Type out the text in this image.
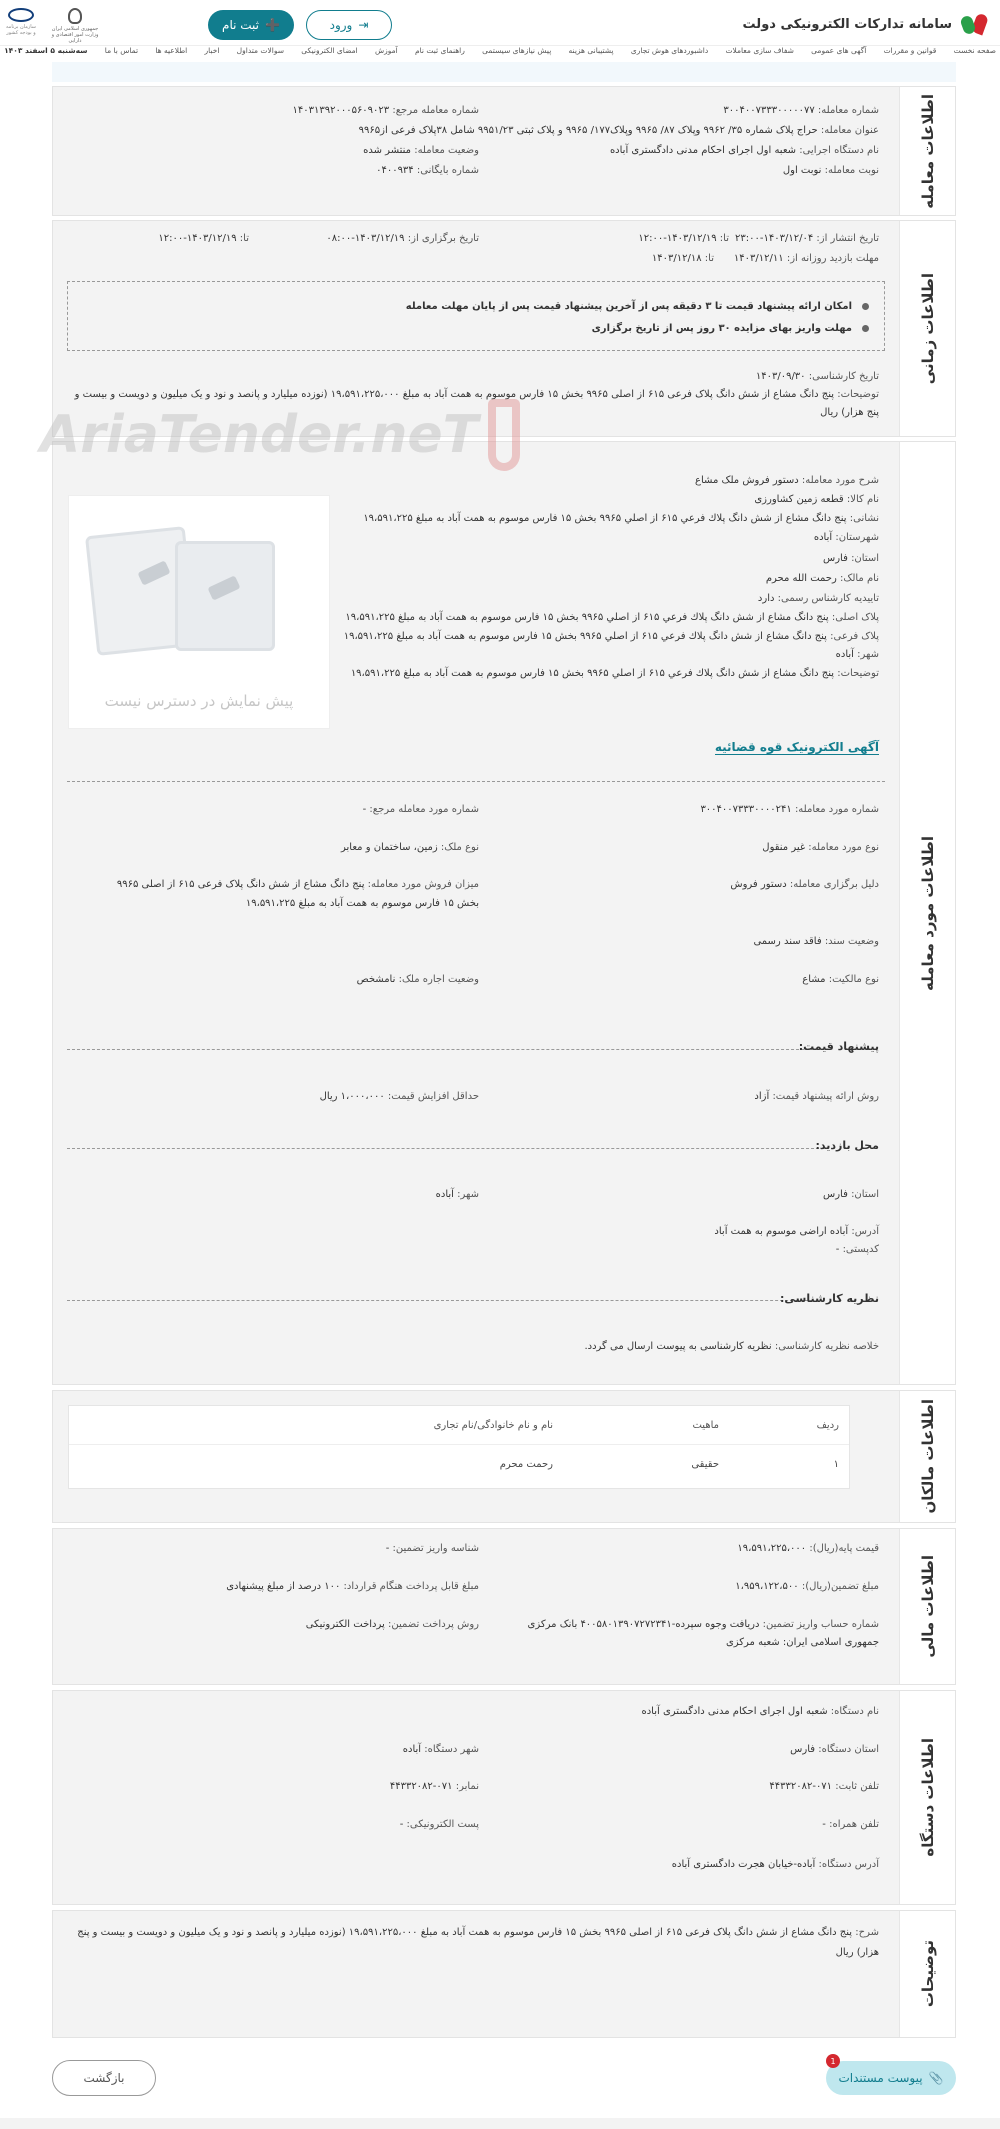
سامانه تدارکات الکترونیکی دولت
➕
ثبت نام	⇥
ورود
جمهوری اسلامی ایران وزارت امور اقتصادی و دارایی
سازمان برنامه و بودجه کشور
صفحه نخست
قوانین و مقررات
آگهی های عمومی
شفاف سازی معاملات
داشبوردهای هوش تجاری
پشتیبانی هزینه
پیش نیازهای سیستمی
راهنمای ثبت نام
آموزش
امضای الکترونیکی
سوالات متداول
اخبار
اطلاعیه ها
تماس با ما
سه‌شنبه ۵ اسفند ۱۴۰۳
اطلاعات معامله
شماره معامله: ۳۰۰۴۰۰۷۳۳۳۰۰۰۰۰۷۷
شماره معامله مرجع: ۱۴۰۳۱۳۹۲۰۰۰۵۶۰۹۰۲۳
عنوان معامله: حراج پلاک شماره ۳۵/ ۹۹۶۲ وپلاک ۸۷/ ۹۹۶۵ وپلاک۱۷۷/ ۹۹۶۵ و پلاک ثبتی ۹۹۵۱/۲۳ شامل ۳۸پلاک فرعی از۹۹۶۵
نام دستگاه اجرایی: شعبه اول اجرای احکام مدنی دادگستری آباده
وضعیت معامله: منتشر شده
نوبت معامله: نوبت اول
شماره بایگانی: ۰۴۰۰۹۳۴
اطلاعات زمانی
تاریخ انتشار از: ۱۴۰۳/۱۲/۰۴-۲۳:۰۰
تا: ۱۴۰۳/۱۲/۱۹-۱۲:۰۰
تاریخ برگزاری از: ۱۴۰۳/۱۲/۱۹-۰۸:۰۰
تا: ۱۴۰۳/۱۲/۱۹-۱۲:۰۰
مهلت بازدید روزانه از: ۱۴۰۳/۱۲/۱۱
تا: ۱۴۰۳/۱۲/۱۸
امکان ارائه پیشنهاد قیمت تا ۳ دقیقه پس از آخرین پیشنهاد قیمت پس از پایان مهلت معامله
مهلت واریز بهای مزایده ۳۰ روز پس از تاریخ برگزاری
تاریخ کارشناسی: ۱۴۰۳/۰۹/۳۰
توضیحات: پنج دانگ مشاع از شش دانگ پلاک فرعی ۶۱۵ از اصلی ۹۹۶۵ بخش ۱۵ فارس موسوم به همت آباد به مبلغ ۱۹،۵۹۱،۲۲۵،۰۰۰ (نوزده میلیارد و پانصد و نود و یک میلیون و دویست و بیست و
پنج هزار) ریال
اطلاعات مورد معامله
شرح مورد معامله: دستور فروش ملک مشاع
نام کالا: قطعه زمین کشاورزی
نشانی: پنج دانگ مشاع از شش دانگ پلاك فرعي ۶۱۵ از اصلي ۹۹۶۵ بخش ۱۵ فارس موسوم به همت آباد به مبلغ ۱۹،۵۹۱،۲۲۵
شهرستان: آباده
استان: فارس
نام مالک: رحمت الله محرم
تاییدیه کارشناس رسمی: دارد
پلاک اصلی: پنج دانگ مشاع از شش دانگ پلاك فرعي ۶۱۵ از اصلي ۹۹۶۵ بخش ۱۵ فارس موسوم به همت آباد به مبلغ ۱۹،۵۹۱،۲۲۵
پلاک فرعی: پنج دانگ مشاع از شش دانگ پلاك فرعي ۶۱۵ از اصلي ۹۹۶۵ بخش ۱۵ فارس موسوم به همت آباد به مبلغ ۱۹،۵۹۱،۲۲۵
شهر: آباده
توضیحات: پنج دانگ مشاع از شش دانگ پلاك فرعي ۶۱۵ از اصلي ۹۹۶۵ بخش ۱۵ فارس موسوم به همت آباد به مبلغ ۱۹،۵۹۱،۲۲۵
آگهی الکترونیک قوه قضائیه
شماره مورد معامله: ۳۰۰۴۰۰۷۳۳۳۰۰۰۰۲۴۱
شماره مورد معامله مرجع: -
نوع مورد معامله: غیر منقول
نوع ملک: زمین، ساختمان و معابر
دلیل برگزاری معامله: دستور فروش
میزان فروش مورد معامله: پنج دانگ مشاع از شش دانگ پلاک فرعی ۶۱۵ از اصلی ۹۹۶۵
بخش ۱۵ فارس موسوم به همت آباد به مبلغ ۱۹،۵۹۱،۲۲۵
وضعیت سند: فاقد سند رسمی
نوع مالکیت: مشاع
وضعیت اجاره ملک: نامشخص
پیشنهاد قیمت:
روش ارائه پیشنهاد قیمت: آزاد
حداقل افزایش قیمت: ۱،۰۰۰،۰۰۰ ریال
محل بازدید:
استان: فارس
شهر: آباده
آدرس: آباده اراضی موسوم به همت آباد
کدپستی: -
نظریه کارشناسی:
خلاصه نظریه کارشناسی: نظریه کارشناسی به پیوست ارسال می گردد.
AriaTender.neT
پیش نمایش در دسترس نیست
اطلاعات مالکان
ردیف
ماهیت
نام و نام خانوادگی/نام تجاری
۱
حقیقی
رحمت محرم
اطلاعات مالی
قیمت پایه(ریال): ۱۹،۵۹۱،۲۲۵،۰۰۰
شناسه واریز تضمین: -
مبلغ تضمین(ریال): ۱،۹۵۹،۱۲۲،۵۰۰
مبلغ قابل پرداخت هنگام قرارداد: ۱۰۰ درصد از مبلغ پیشنهادی
شماره حساب واریز تضمین: دریافت وجوه سپرده-۴۰۰۵۸۰۱۳۹۰۷۲۷۲۳۴۱ بانک مرکزی
جمهوری اسلامی ایران: شعبه مرکزی
روش پرداخت تضمین: پرداخت الکترونیکی
اطلاعات دستگاه
نام دستگاه: شعبه اول اجرای احکام مدنی دادگستری آباده
استان دستگاه: فارس
شهر دستگاه: آباده
تلفن ثابت: ۰۷۱-۴۴۳۳۲۰۸۲
نمابر: ۰۷۱-۴۴۳۳۲۰۸۲
تلفن همراه: -
پست الکترونیکی: -
آدرس دستگاه: آباده-خیابان هجرت دادگستری آباده
توضیحات
شرح: پنج دانگ مشاع از شش دانگ پلاک فرعی ۶۱۵ از اصلی ۹۹۶۵ بخش ۱۵ فارس موسوم به همت آباد به مبلغ ۱۹،۵۹۱،۲۲۵،۰۰۰ (نوزده میلیارد و پانصد و نود و یک میلیون و دویست و بیست و پنج
هزار) ریال
📎
پیوست مستندات
1
بازگشت
